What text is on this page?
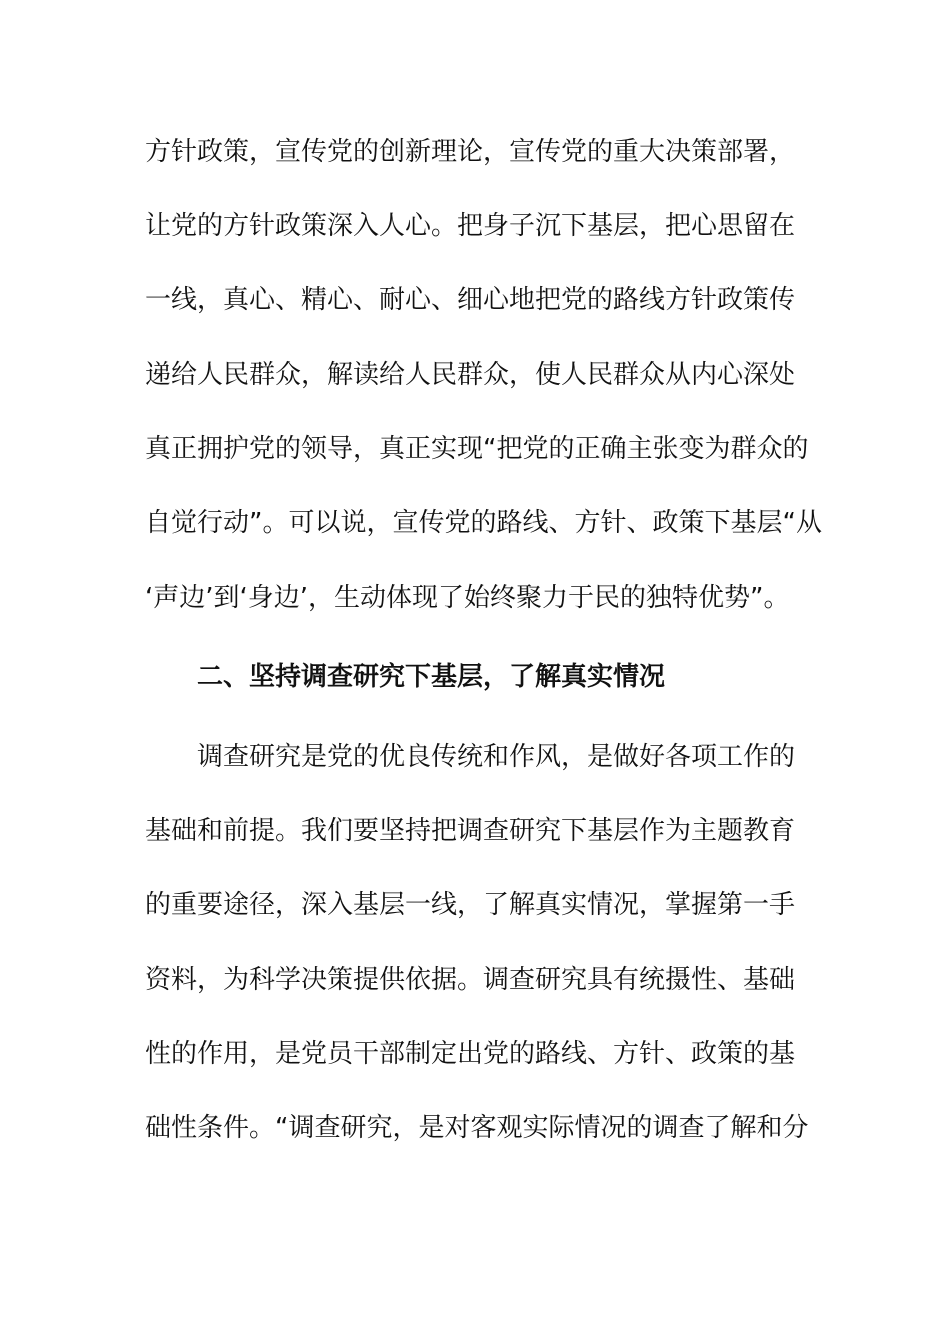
方针政策，宣传党的创新理论，宣传党的重大决策部署，
让党的方针政策深入人心。把身子沉下基层，把心思留在
一线，真心、精心、耐心、细心地把党的路线方针政策传
递给人民群众，解读给人民群众，使人民群众从内心深处
真正拥护党的领导，真正实现“把党的正确主张变为群众的
自觉行动”。可以说，宣传党的路线、方针、政策下基层“从
‘声边’到‘身边’，生动体现了始终聚力于民的独特优势”。
二、坚持调查研究下基层，了解真实情况
调查研究是党的优良传统和作风，是做好各项工作的
基础和前提。我们要坚持把调查研究下基层作为主题教育
的重要途径，深入基层一线，了解真实情况，掌握第一手
资料，为科学决策提供依据。调查研究具有统摄性、基础
性的作用，是党员干部制定出党的路线、方针、政策的基
础性条件。“调查研究，是对客观实际情况的调查了解和分
